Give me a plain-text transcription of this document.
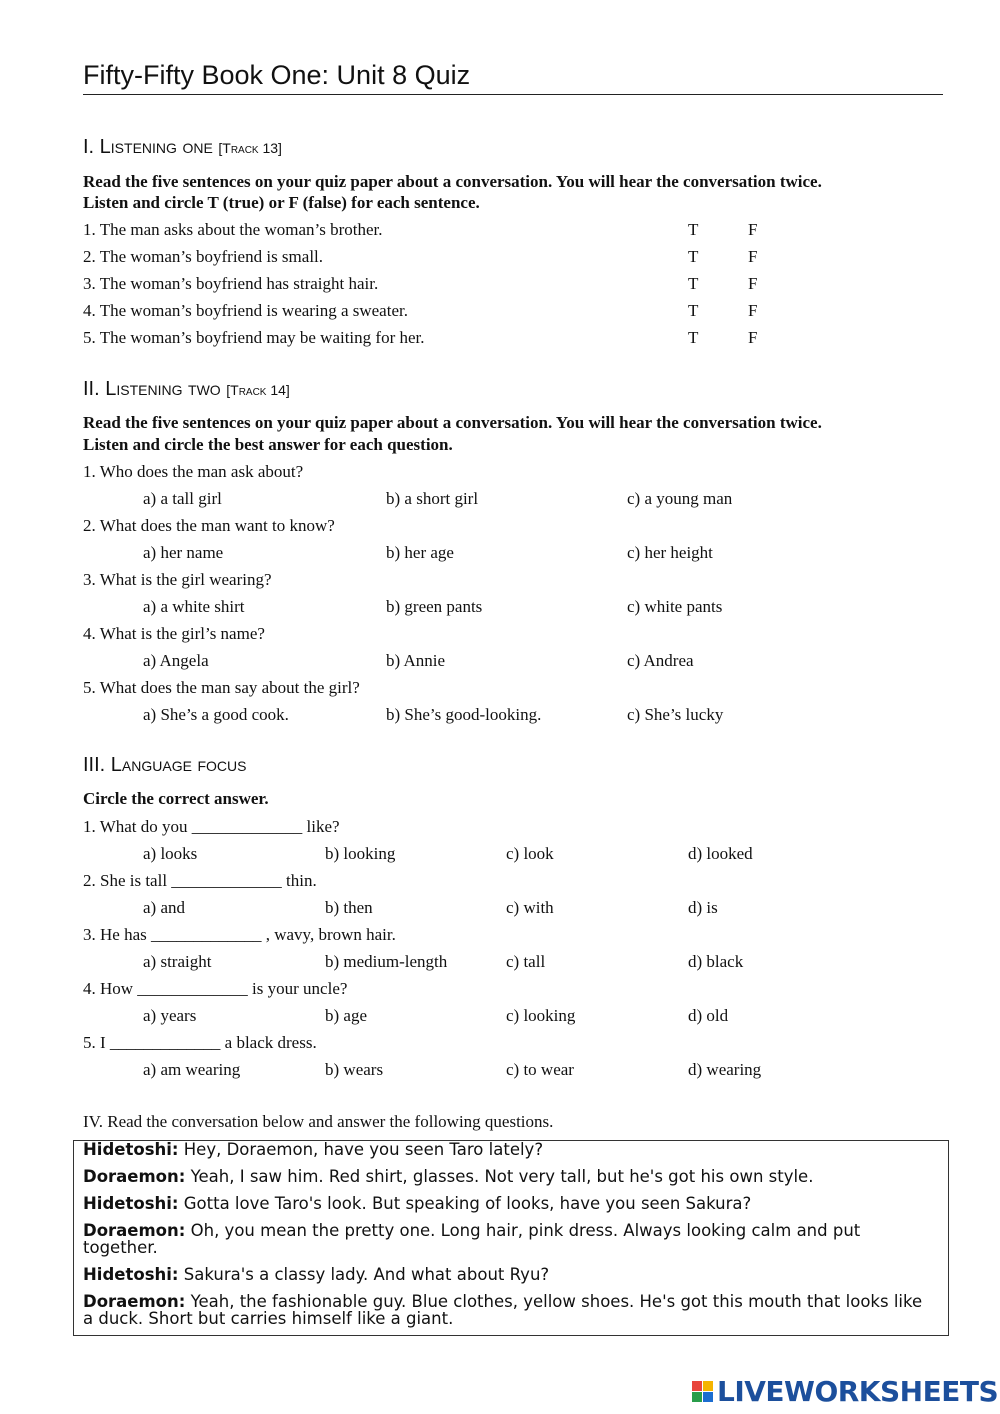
Fifty-Fifty Book One: Unit 8 Quiz
I. Listening one [Track 13]
Read the five sentences on your quiz paper about a conversation. You will hear the conversation twice.
Listen and circle T (true) or F (false) for each sentence.
1. The man asks about the woman’s brother.	T	F
2. The woman’s boyfriend is small.	T	F
3. The woman’s boyfriend has straight hair.	T	F
4. The woman’s boyfriend is wearing a sweater.	T	F
5. The woman’s boyfriend may be waiting for her.	T	F
II. Listening two [Track 14]
Read the five sentences on your quiz paper about a conversation. You will hear the conversation twice.
Listen and circle the best answer for each question.
1. Who does the man ask about?
a) a tall girl	b) a short girl	c) a young man
2. What does the man want to know?
a) her name	b) her age	c) her height
3. What is the girl wearing?
a) a white shirt	b) green pants	c) white pants
4. What is the girl’s name?
a) Angela	b) Annie	c) Andrea
5. What does the man say about the girl?
a) She’s a good cook.	b) She’s good-looking.	c) She’s lucky
III. Language focus
Circle the correct answer.
1. What do you _____________ like?
a) looks	b) looking	c) look	d) looked
2. She is tall _____________ thin.
a) and	b) then	c) with	d) is
3. He has _____________ , wavy, brown hair.
a) straight	b) medium-length	c) tall	d) black
4. How _____________ is your uncle?
a) years	b) age	c) looking	d) old
5. I _____________ a black dress.
a) am wearing	b) wears	c) to wear	d) wearing
IV. Read the conversation below and answer the following questions.
Hidetoshi: Hey, Doraemon, have you seen Taro lately?
Doraemon: Yeah, I saw him. Red shirt, glasses. Not very tall, but he's got his own style.
Hidetoshi: Gotta love Taro's look. But speaking of looks, have you seen Sakura?
Doraemon: Oh, you mean the pretty one. Long hair, pink dress. Always looking calm and put together.
Hidetoshi: Sakura's a classy lady. And what about Ryu?
Doraemon: Yeah, the fashionable guy. Blue clothes, yellow shoes. He's got this mouth that looks like a duck. Short but carries himself like a giant.
LIVEWORKSHEETS
